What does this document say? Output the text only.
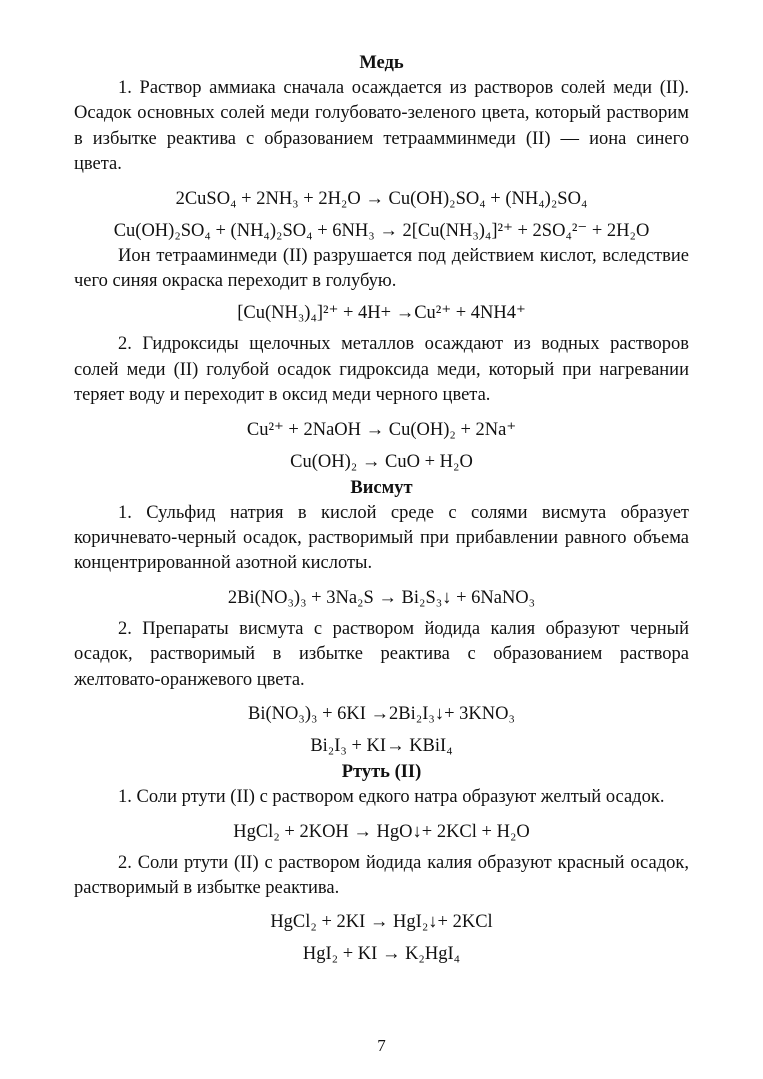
Медь
1. Раствор аммиака сначала осаждается из растворов солей меди (II). Осадок основных солей меди голубовато-зеленого цвета, который растворим в избытке реактива с образованием тетраамминмеди (II) — иона синего цвета.
2CuSO₄ + 2NH₃ + 2H₂O → Cu(OH)₂SO₄ + (NH₄)₂SO₄
Cu(OH)₂SO₄ + (NH₄)₂SO₄ + 6NH₃ → 2[Cu(NH₃)₄]²⁺ + 2SO₄²⁻ + 2H₂O
Ион тетрааминмеди (II) разрушается под действием кислот, вследствие чего синяя окраска переходит в голубую.
[Cu(NH₃)₄]²⁺ + 4H+ →Cu²⁺ + 4NH4⁺
2. Гидроксиды щелочных металлов осаждают из водных растворов солей меди (II) голубой осадок гидроксида меди, который при нагревании теряет воду и переходит в оксид меди черного цвета.
Cu²⁺ + 2NaOH → Cu(OH)₂ + 2Na⁺
Cu(OH)₂ → CuO + H₂O
Висмут
1. Сульфид натрия в кислой среде с солями висмута образует коричневато-черный осадок, растворимый при прибавлении равного объема концентрированной азотной кислоты.
2Bi(NO₃)₃ + 3Na₂S → Bi₂S₃↓ + 6NaNO₃
2. Препараты висмута с раствором йодида калия образуют черный осадок, растворимый в избытке реактива с образованием раствора желтовато-оранжевого цвета.
Bi(NO₃)₃ + 6KI →2Bi₂I₃↓+ 3KNO₃
Bi₂I₃ + KI→ KBiI₄
Ртуть (II)
1. Соли ртути (II) с раствором едкого натра образуют желтый осадок.
HgCl₂ + 2KOH → HgO↓+ 2KCl + H₂O
2. Соли ртути (II) с раствором йодида калия образуют красный осадок, растворимый в избытке реактива.
HgCl₂ + 2KI → HgI₂↓+ 2KCl
HgI₂ + KI → K₂HgI₄
7
